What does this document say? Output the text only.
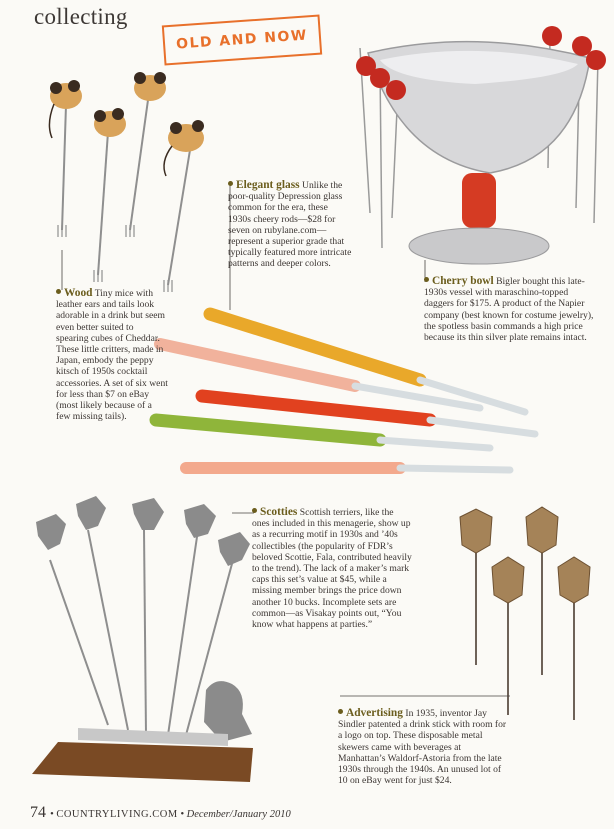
collecting
OLD AND NOW
Wood Tiny mice with leather ears and tails look adorable in a drink but seem even better suited to spearing cubes of Cheddar. These little critters, made in Japan, embody the peppy kitsch of 1950s cocktail accessories. A set of six went for less than $7 on eBay (most likely because of a few missing tails).
Elegant glass Unlike the poor-quality Depression glass common for the era, these 1930s cheery rods—$28 for seven on rubylane.com—represent a superior grade that typically featured more intricate patterns and deeper colors.
Cherry bowl Bigler bought this late-1930s vessel with maraschino-topped daggers for $175. A product of the Napier company (best known for costume jewelry), the spotless basin commands a high price because its thin silver plate remains intact.
Scotties Scottish terriers, like the ones included in this menagerie, show up as a recurring motif in 1930s and ’40s collectibles (the popularity of FDR’s beloved Scottie, Fala, contributed heavily to the trend). The lack of a maker’s mark caps this set’s value at $45, while a missing member brings the price down another 10 bucks. Incomplete sets are common—as Visakay points out, “You know what happens at parties.”
Advertising In 1935, inventor Jay Sindler patented a drink stick with room for a logo on top. These disposable metal skewers came with beverages at Manhattan’s Waldorf-Astoria from the late 1930s through the 1940s. An unused lot of 10 on eBay went for just $24.
74 • COUNTRYLIVING.COM • December/January 2010
